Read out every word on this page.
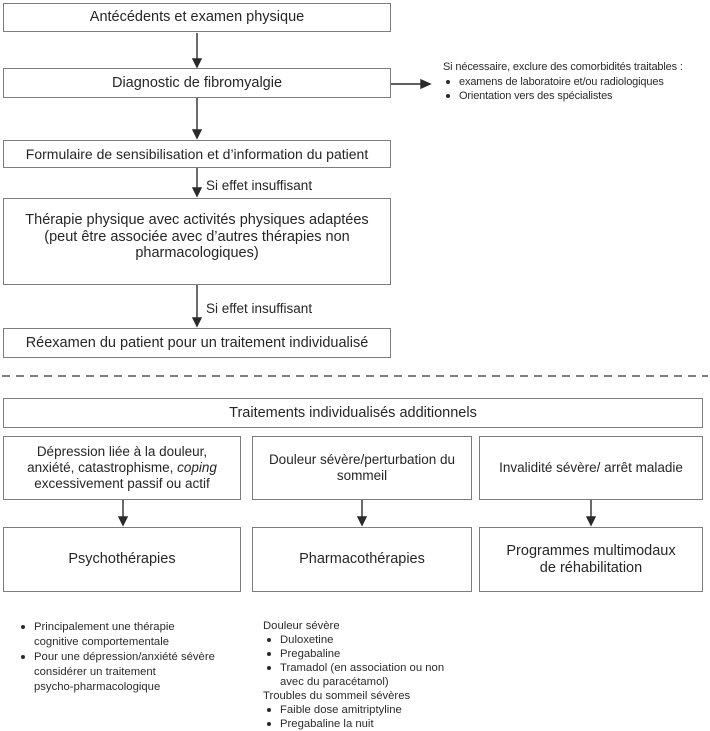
Antécédents et examen physique
Diagnostic de fibromyalgie
Formulaire de sensibilisation et d’information du patient
Thérapie physique avec activités physiques adaptées
(peut être associée avec d’autres thérapies non
pharmacologiques)
Réexamen du patient pour un traitement individualisé
Si effet insuffisant
Si effet insuffisant
Si nécessaire, exclure des comorbidités traitables :
examens de laboratoire et/ou radiologiques
Orientation vers des spécialistes
Traitements individualisés additionnels
Dépression liée à la douleur,
anxiété, catastrophisme, coping
excessivement passif ou actif
Douleur sévère/perturbation du
sommeil
Invalidité sévère/ arrêt maladie
Psychothérapies	Pharmacothérapies
Programmes multimodaux
de réhabilitation
Principalement une thérapie
cognitive comportementale
Pour une dépression/anxiété sévère
considérer un traitement
psycho-pharmacologique
Douleur sévère
Duloxetine
Pregabaline
Tramadol (en association ou non
avec du paracétamol)
Troubles du sommeil sévères
Faible dose amitriptyline
Pregabaline la nuit
